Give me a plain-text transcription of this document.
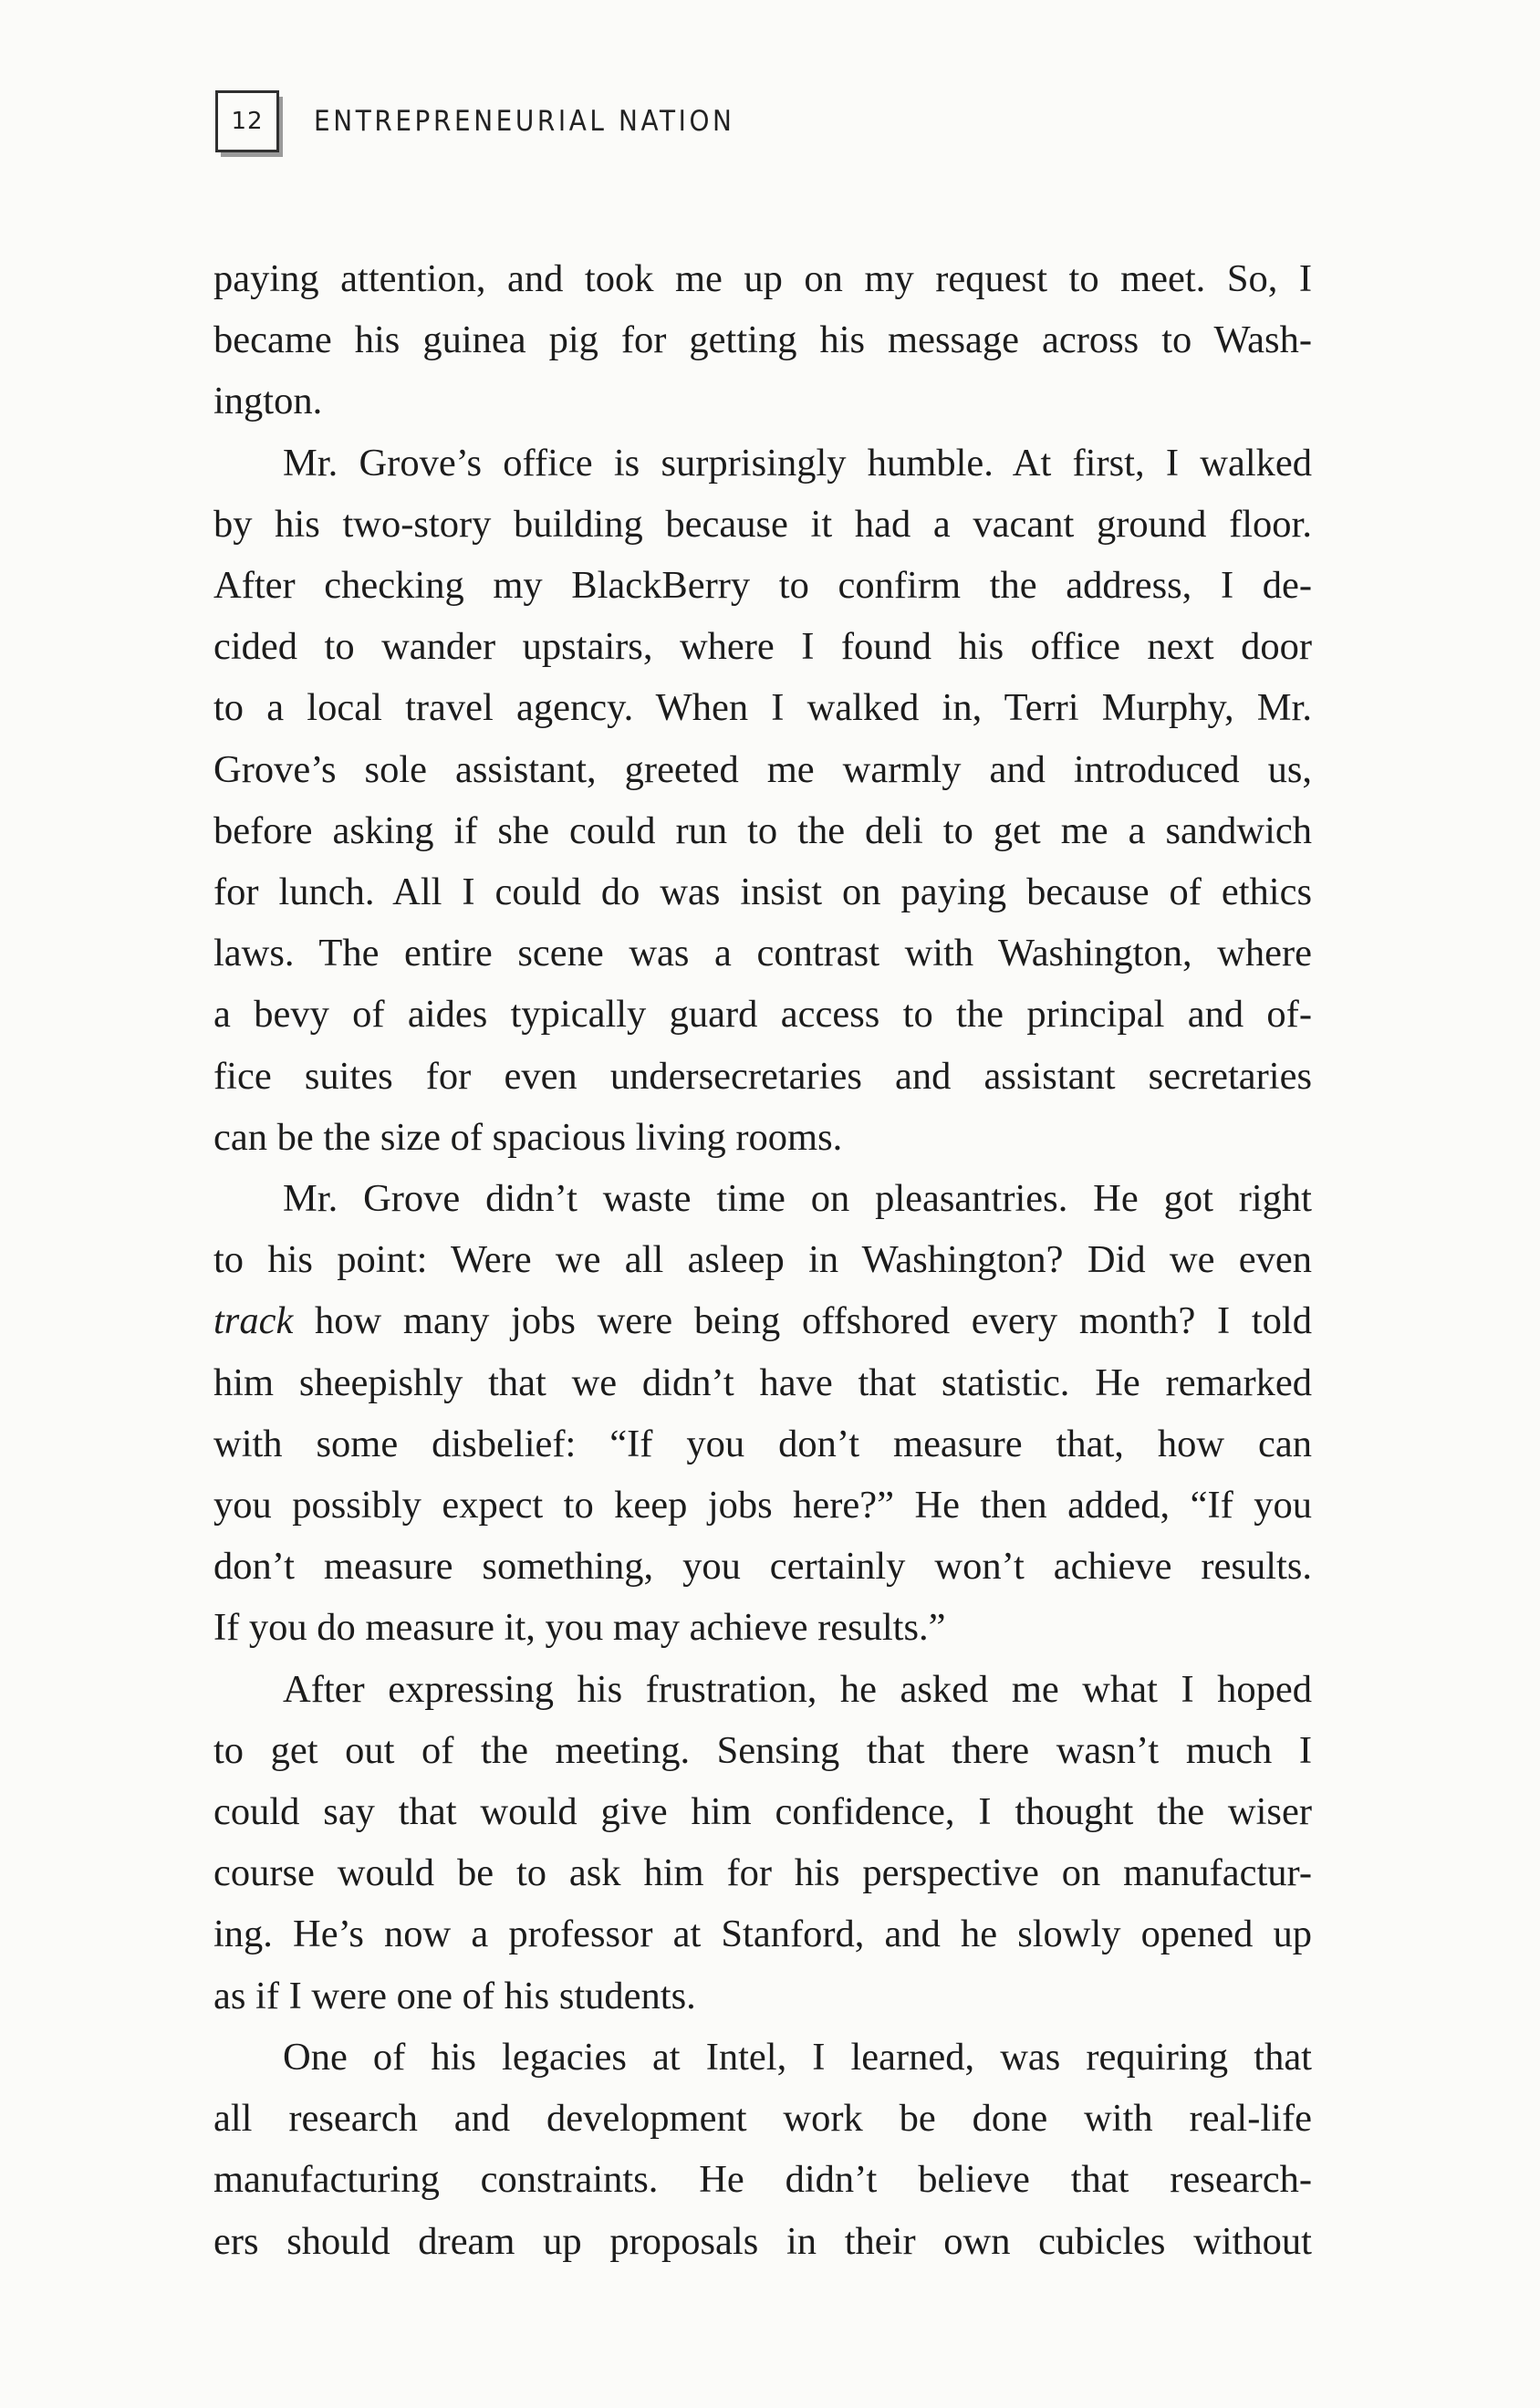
12 ENTREPRENEURIAL NATION
paying attention, and took me up on my request to meet. So, I
became his guinea pig for getting his message across to Wash-
ington.
Mr. Grove’s office is surprisingly humble. At first, I walked
by his two-story building because it had a vacant ground floor.
After checking my BlackBerry to confirm the address, I de-
cided to wander upstairs, where I found his office next door
to a local travel agency. When I walked in, Terri Murphy, Mr.
Grove’s sole assistant, greeted me warmly and introduced us,
before asking if she could run to the deli to get me a sandwich
for lunch. All I could do was insist on paying because of ethics
laws. The entire scene was a contrast with Washington, where
a bevy of aides typically guard access to the principal and of-
fice suites for even undersecretaries and assistant secretaries
can be the size of spacious living rooms.
Mr. Grove didn’t waste time on pleasantries. He got right
to his point: Were we all asleep in Washington? Did we even
track how many jobs were being offshored every month? I told
him sheepishly that we didn’t have that statistic. He remarked
with some disbelief: “If you don’t measure that, how can
you possibly expect to keep jobs here?” He then added, “If you
don’t measure something, you certainly won’t achieve results.
If you do measure it, you may achieve results.”
After expressing his frustration, he asked me what I hoped
to get out of the meeting. Sensing that there wasn’t much I
could say that would give him confidence, I thought the wiser
course would be to ask him for his perspective on manufactur-
ing. He’s now a professor at Stanford, and he slowly opened up
as if I were one of his students.
One of his legacies at Intel, I learned, was requiring that
all research and development work be done with real-life
manufacturing constraints. He didn’t believe that research-
ers should dream up proposals in their own cubicles without
